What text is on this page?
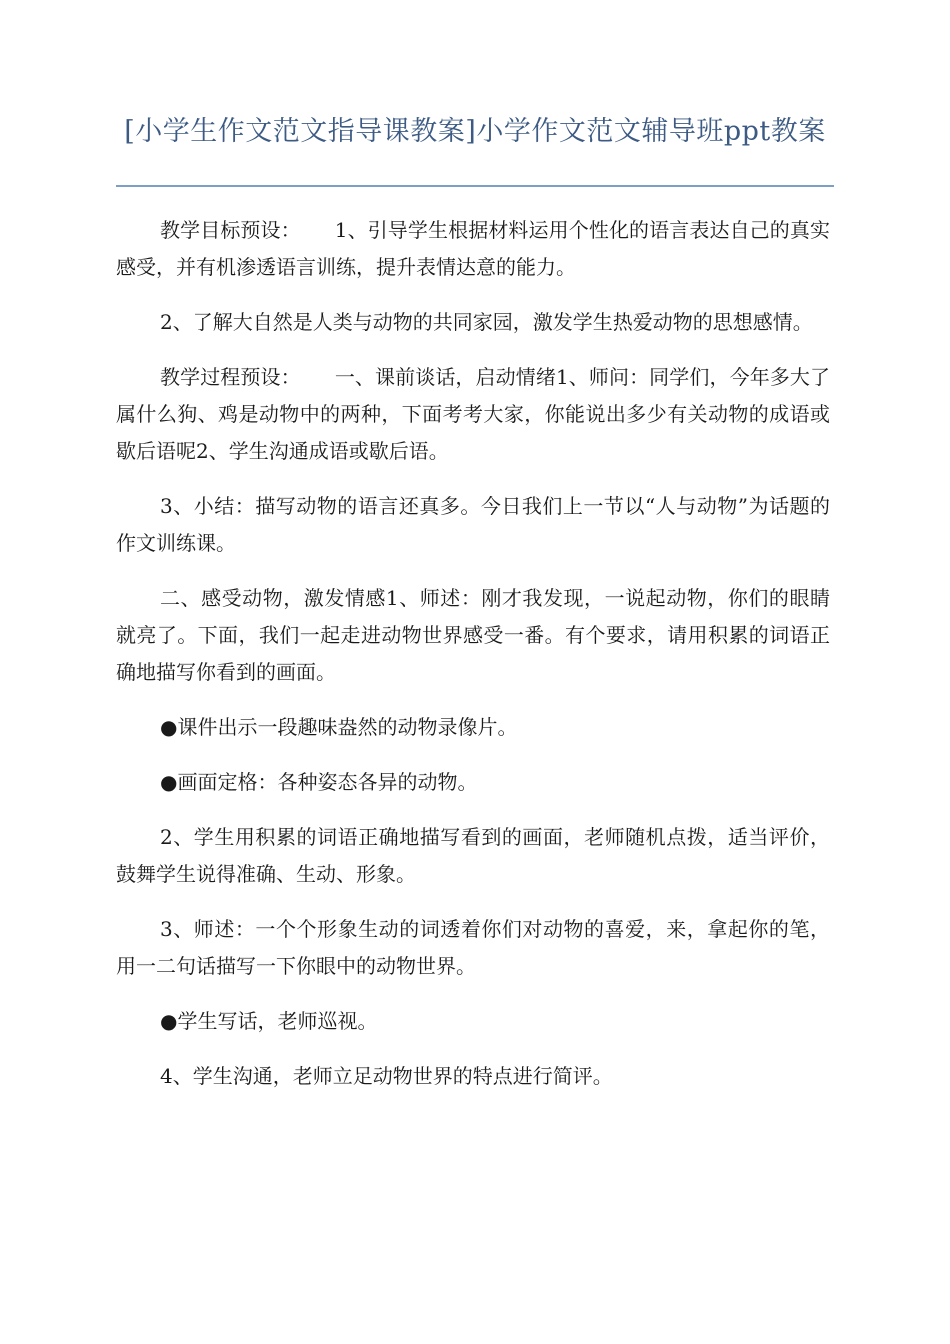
[小学生作文范文指导课教案]小学作文范文辅导班ppt教案

教学目标预设： 1、引导学生根据材料运用个性化的语言表达自己的真实感受，并有机渗透语言训练，提升表情达意的能力。

2、了解大自然是人类与动物的共同家园，激发学生热爱动物的思想感情。

教学过程预设： 一、课前谈话，启动情绪1、师问：同学们，今年多大了属什么狗、鸡是动物中的两种，下面考考大家，你能说出多少有关动物的成语或歇后语呢2、学生沟通成语或歇后语。

3、小结：描写动物的语言还真多。今日我们上一节以“人与动物”为话题的作文训练课。

二、感受动物，激发情感1、师述：刚才我发现，一说起动物，你们的眼睛就亮了。下面，我们一起走进动物世界感受一番。有个要求，请用积累的词语正确地描写你看到的画面。

●课件出示一段趣味盎然的动物录像片。

●画面定格：各种姿态各异的动物。

2、学生用积累的词语正确地描写看到的画面，老师随机点拨，适当评价，鼓舞学生说得准确、生动、形象。

3、师述：一个个形象生动的词透着你们对动物的喜爱，来，拿起你的笔，用一二句话描写一下你眼中的动物世界。

●学生写话，老师巡视。

4、学生沟通，老师立足动物世界的特点进行简评。
